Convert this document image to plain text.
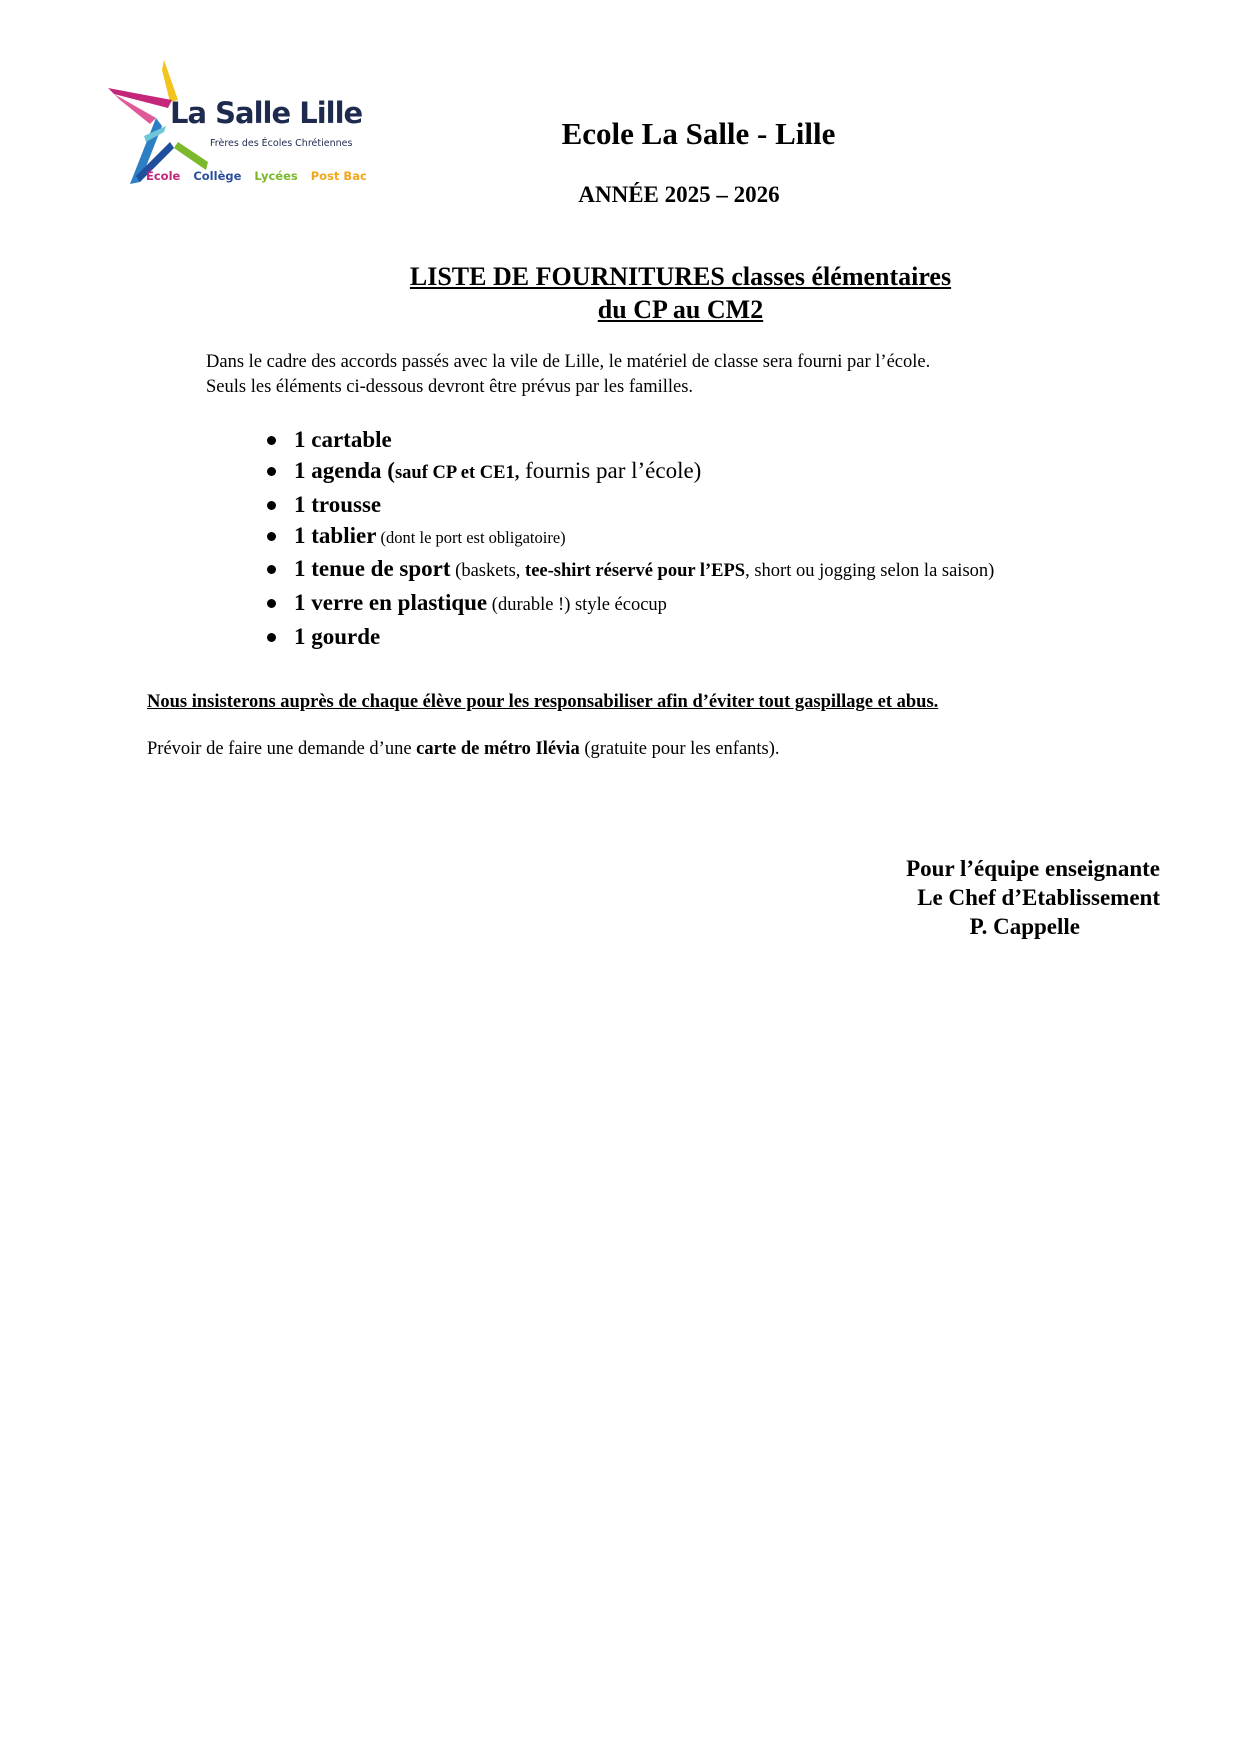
La Salle Lille
Frères des Écoles Chrétiennes
École Collège Lycées Post Bac
Ecole La Salle - Lille
ANNÉE 2025 – 2026
LISTE DE FOURNITURES classes élémentaires
du CP au CM2
Dans le cadre des accords passés avec la vile de Lille, le matériel de classe sera fourni par l’école.
Seuls les éléments ci-dessous devront être prévus par les familles.
1 cartable
1 agenda (sauf CP et CE1, fournis par l’école)
1 trousse
1 tablier (dont le port est obligatoire)
1 tenue de sport (baskets, tee-shirt réservé pour l’EPS, short ou jogging selon la saison)
1 verre en plastique (durable !) style écocup
1 gourde
Nous insisterons auprès de chaque élève pour les responsabiliser afin d’éviter tout gaspillage et abus.
Prévoir de faire une demande d’une carte de métro Ilévia (gratuite pour les enfants).
Pour l’équipe enseignante
Le Chef d’Etablissement
P. Cappelle
